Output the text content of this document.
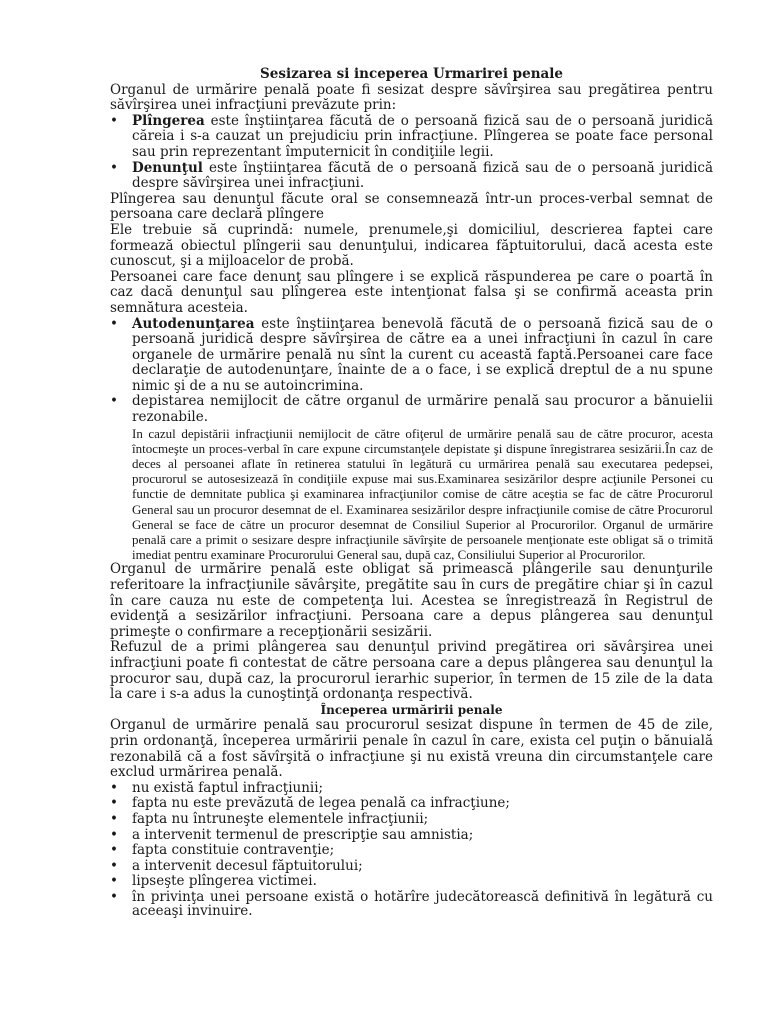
Sesizarea si inceperea Urmarirei penale

Organul de urmărire penală poate fi sesizat despre săvîrşirea sau pregătirea pentru săvîrşirea unei infracţiuni prevăzute prin:

•	Plîngerea este înştiinţarea făcută de o persoană fizică sau de o persoană juridică căreia i s-a cauzat un prejudiciu prin infracţiune. Plîngerea se poate face personal sau prin reprezentant împuternicit în condiţiile legii.
•	Denunţul este înştiinţarea făcută de o persoană fizică sau de o persoană juridică despre săvîrşirea unei infracţiuni.

Plîngerea sau denunţul făcute oral se consemnează într-un proces-verbal semnat de persoana care declară plîngere

Ele trebuie să cuprindă: numele, prenumele,şi domiciliul, descrierea faptei care formează obiectul plîngerii sau denunţului, indicarea făptuitorului, dacă acesta este cunoscut, şi a mijloacelor de probă.

Persoanei care face denunţ sau plîngere i se explică răspunderea pe care o poartă în caz dacă denunţul sau plîngerea este intenţionat falsa şi se confirmă aceasta prin semnătura acesteia.

•	Autodenunţarea este înştiinţarea benevolă făcută de o persoană fizică sau de o persoană juridică despre săvîrşirea de către ea a unei infracţiuni în cazul în care organele de urmărire penală nu sînt la curent cu această faptă.Persoanei care face declaraţie de autodenunţare, înainte de a o face, i se explică dreptul de a nu spune nimic şi de a nu se autoincrimina.
•	depistarea nemijlocit de către organul de urmărire penală sau procuror a bănuielii rezonabile.

In cazul depistării infracţiunii nemijlocit de către ofiţerul de urmărire penală sau de către procuror, acesta întocmeşte un proces-verbal în care expune circumstanţele depistate şi dispune înregistrarea sesizării.În caz de deces al persoanei aflate în retinerea statului în legătură cu urmărirea penală sau executarea pedepsei, procurorul se autosesizează în condiţiile expuse mai sus.Examinarea sesizărilor despre acţiunile Personei cu functie de demnitate publica şi examinarea infracţiunilor comise de către aceştia se fac de către Procurorul General sau un procuror desemnat de el. Examinarea sesizărilor despre infracţiunile comise de către Procurorul General se face de către un procuror desemnat de Consiliul Superior al Procurorilor. Organul de urmărire penală care a primit o sesizare despre infracţiunile săvîrşite de persoanele menţionate este obligat să o trimită imediat pentru examinare Procurorului General sau, după caz, Consiliului Superior al Procurorilor.

Organul de urmărire penală este obligat să primească plângerile sau denunţurile referitoare la infracţiunile săvârşite, pregătite sau în curs de pregătire chiar şi în cazul în care cauza nu este de competenţa lui. Acestea se înregistrează în Registrul de evidenţă a sesizărilor infracţiuni. Persoana care a depus plângerea sau denunţul primeşte o confirmare a recepţionării sesizării.

Refuzul de a primi plângerea sau denunţul privind pregătirea ori săvârşirea unei infracţiuni poate fi contestat de către persoana care a depus plângerea sau denunţul la procuror sau, după caz, la procurorul ierarhic superior, în termen de 15 zile de la data la care i s-a adus la cunoştinţă ordonanţa respectivă.

Începerea urmăririi penale

Organul de urmărire penală sau procurorul sesizat dispune în termen de 45 de zile, prin ordonanţă, începerea urmăririi penale în cazul în care, exista cel puţin o bănuială rezonabilă că a fost săvîrşită o infracţiune şi nu există vreuna din circumstanţele care exclud urmărirea penală.

•	nu există faptul infracţiunii;
•	fapta nu este prevăzută de legea penală ca infracţiune;
•	fapta nu întruneşte elementele infracţiunii;
•	a intervenit termenul de prescripţie sau amnistia;
•	fapta constituie contravenţie;
•	a intervenit decesul făptuitorului;
•	lipseşte plîngerea victimei.
•	în privinţa unei persoane există o hotărîre judecătorească definitivă în legătură cu aceeaşi invinuire.
